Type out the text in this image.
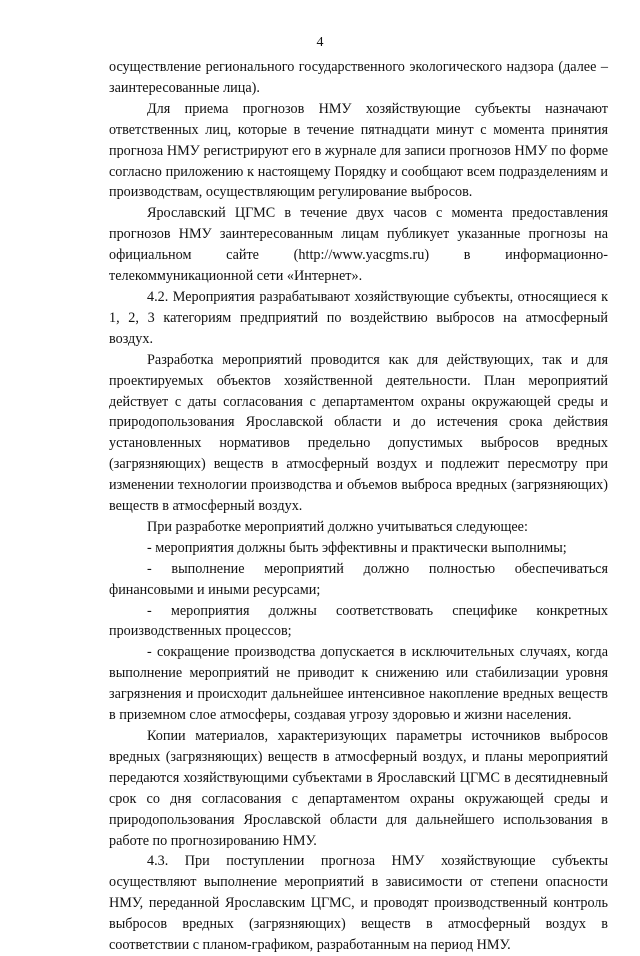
4

осуществление регионального государственного экологического надзора (далее – заинтересованные лица).

Для приема прогнозов НМУ хозяйствующие субъекты назначают ответственных лиц, которые в течение пятнадцати минут с момента принятия прогноза НМУ регистрируют его в журнале для записи прогнозов НМУ по форме согласно приложению к настоящему Порядку и сообщают всем подразделениям и производствам, осуществляющим регулирование выбросов.

Ярославский ЦГМС в течение двух часов с момента предоставления прогнозов НМУ заинтересованным лицам публикует указанные прогнозы на официальном сайте (http://www.yacgms.ru) в информационно-телекоммуникационной сети «Интернет».

4.2. Мероприятия разрабатывают хозяйствующие субъекты, относящиеся к 1, 2, 3 категориям предприятий по воздействию выбросов на атмосферный воздух.

Разработка мероприятий проводится как для действующих, так и для проектируемых объектов хозяйственной деятельности. План мероприятий действует с даты согласования с департаментом охраны окружающей среды и природопользования Ярославской области и до истечения срока действия установленных нормативов предельно допустимых выбросов вредных (загрязняющих) веществ в атмосферный воздух и подлежит пересмотру при изменении технологии производства и объемов выброса вредных (загрязняющих) веществ в атмосферный воздух.

При разработке мероприятий должно учитываться следующее:

- мероприятия должны быть эффективны и практически выполнимы;

- выполнение мероприятий должно полностью обеспечиваться финансовыми и иными ресурсами;

- мероприятия должны соответствовать специфике конкретных производственных процессов;

- сокращение производства допускается в исключительных случаях, когда выполнение мероприятий не приводит к снижению или стабилизации уровня загрязнения и происходит дальнейшее интенсивное накопление вредных веществ в приземном слое атмосферы, создавая угрозу здоровью и жизни населения.

Копии материалов, характеризующих параметры источников выбросов вредных (загрязняющих) веществ в атмосферный воздух, и планы мероприятий передаются хозяйствующими субъектами в Ярославский ЦГМС в десятидневный срок со дня согласования с департаментом охраны окружающей среды и природопользования Ярославской области для дальнейшего использования в работе по прогнозированию НМУ.

4.3. При поступлении прогноза НМУ хозяйствующие субъекты осуществляют выполнение мероприятий в зависимости от степени опасности НМУ, переданной Ярославским ЦГМС, и проводят производственный контроль выбросов вредных (загрязняющих) веществ в атмосферный воздух в соответствии с планом-графиком, разработанным на период НМУ.
